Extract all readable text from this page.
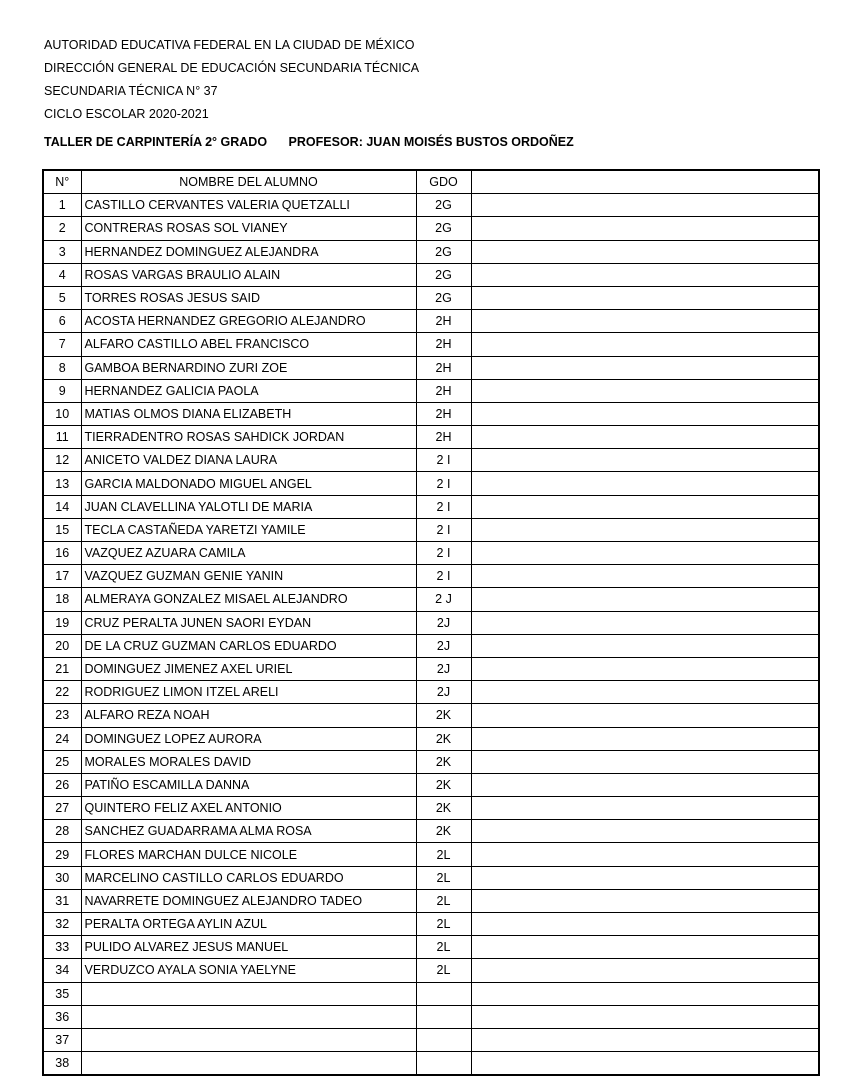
AUTORIDAD EDUCATIVA FEDERAL EN LA CIUDAD DE MÉXICO
DIRECCIÓN GENERAL DE EDUCACIÓN SECUNDARIA TÉCNICA
SECUNDARIA TÉCNICA N° 37
CICLO ESCOLAR 2020-2021
TALLER DE CARPINTERÍA 2° GRADO PROFESOR: JUAN MOISÉS BUSTOS ORDOÑEZ
N°	NOMBRE DEL ALUMNO	GDO	
1	CASTILLO CERVANTES VALERIA QUETZALLI	2G	
2	CONTRERAS ROSAS SOL VIANEY	2G	
3	HERNANDEZ DOMINGUEZ ALEJANDRA	2G	
4	ROSAS VARGAS BRAULIO ALAIN	2G	
5	TORRES ROSAS JESUS SAID	2G	
6	ACOSTA HERNANDEZ GREGORIO ALEJANDRO	2H	
7	ALFARO CASTILLO ABEL FRANCISCO	2H	
8	GAMBOA BERNARDINO ZURI ZOE	2H	
9	HERNANDEZ GALICIA PAOLA	2H	
10	MATIAS OLMOS DIANA ELIZABETH	2H	
11	TIERRADENTRO ROSAS SAHDICK JORDAN	2H	
12	ANICETO VALDEZ DIANA LAURA	2 I	
13	GARCIA MALDONADO MIGUEL ANGEL	2 I	
14	JUAN CLAVELLINA YALOTLI DE MARIA	2 I	
15	TECLA CASTAÑEDA YARETZI YAMILE	2 I	
16	VAZQUEZ AZUARA CAMILA	2 I	
17	VAZQUEZ GUZMAN GENIE YANIN	2 I	
18	ALMERAYA GONZALEZ MISAEL ALEJANDRO	2 J	
19	CRUZ PERALTA JUNEN SAORI EYDAN	2J	
20	DE LA CRUZ GUZMAN CARLOS EDUARDO	2J	
21	DOMINGUEZ JIMENEZ AXEL URIEL	2J	
22	RODRIGUEZ LIMON ITZEL ARELI	2J	
23	ALFARO REZA NOAH	2K	
24	DOMINGUEZ LOPEZ AURORA	2K	
25	MORALES MORALES DAVID	2K	
26	PATIÑO ESCAMILLA DANNA	2K	
27	QUINTERO FELIZ AXEL ANTONIO	2K	
28	SANCHEZ GUADARRAMA ALMA ROSA	2K	
29	FLORES MARCHAN DULCE NICOLE	2L	
30	MARCELINO CASTILLO CARLOS EDUARDO	2L	
31	NAVARRETE DOMINGUEZ ALEJANDRO TADEO	2L	
32	PERALTA ORTEGA AYLIN AZUL	2L	
33	PULIDO ALVAREZ JESUS MANUEL	2L	
34	VERDUZCO AYALA SONIA YAELYNE	2L	
35			
36			
37			
38			
